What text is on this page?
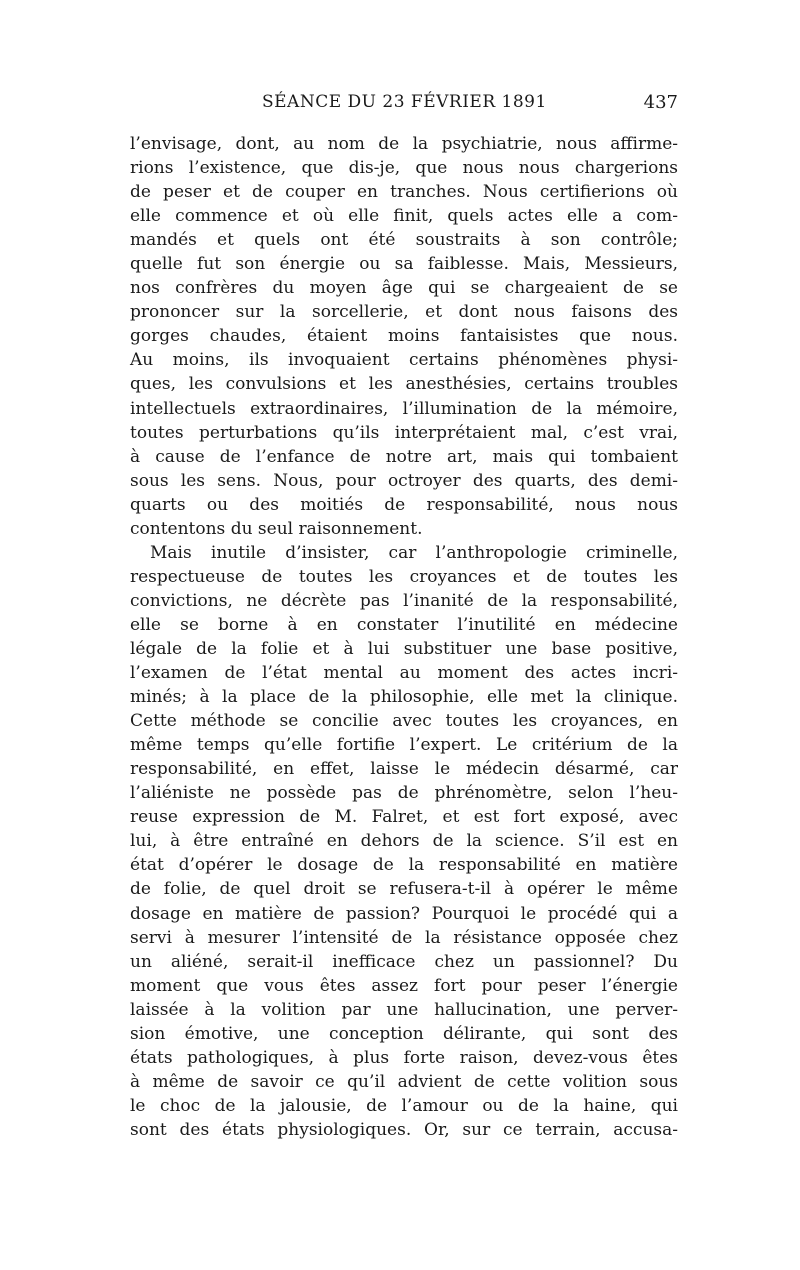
SÉANCE DU 23 FÉVRIER 1891	437
l’envisage, dont, au nom de la psychiatrie, nous affirme-
rions l’existence, que dis-je, que nous nous chargerions
de peser et de couper en tranches. Nous certifierions où
elle commence et où elle finit, quels actes elle a com-
mandés et quels ont été soustraits à son contrôle;
quelle fut son énergie ou sa faiblesse. Mais, Messieurs,
nos confrères du moyen âge qui se chargeaient de se
prononcer sur la sorcellerie, et dont nous faisons des
gorges chaudes, étaient moins fantaisistes que nous.
Au moins, ils invoquaient certains phénomènes physi-
ques, les convulsions et les anesthésies, certains troubles
intellectuels extraordinaires, l’illumination de la mémoire,
toutes perturbations qu’ils interprétaient mal, c’est vrai,
à cause de l’enfance de notre art, mais qui tombaient
sous les sens. Nous, pour octroyer des quarts, des demi-
quarts ou des moitiés de responsabilité, nous nous
contentons du seul raisonnement.
Mais inutile d’insister, car l’anthropologie criminelle,
respectueuse de toutes les croyances et de toutes les
convictions, ne décrète pas l’inanité de la responsabilité,
elle se borne à en constater l’inutilité en médecine
légale de la folie et à lui substituer une base positive,
l’examen de l’état mental au moment des actes incri-
minés; à la place de la philosophie, elle met la clinique.
Cette méthode se concilie avec toutes les croyances, en
même temps qu’elle fortifie l’expert. Le critérium de la
responsabilité, en effet, laisse le médecin désarmé, car
l’aliéniste ne possède pas de phrénomètre, selon l’heu-
reuse expression de M. Falret, et est fort exposé, avec
lui, à être entraîné en dehors de la science. S’il est en
état d’opérer le dosage de la responsabilité en matière
de folie, de quel droit se refusera-t-il à opérer le même
dosage en matière de passion? Pourquoi le procédé qui a
servi à mesurer l’intensité de la résistance opposée chez
un aliéné, serait-il inefficace chez un passionnel? Du
moment que vous êtes assez fort pour peser l’énergie
laissée à la volition par une hallucination, une perver-
sion émotive, une conception délirante, qui sont des
états pathologiques, à plus forte raison, devez-vous êtes
à même de savoir ce qu’il advient de cette volition sous
le choc de la jalousie, de l’amour ou de la haine, qui
sont des états physiologiques. Or, sur ce terrain, accusa-
